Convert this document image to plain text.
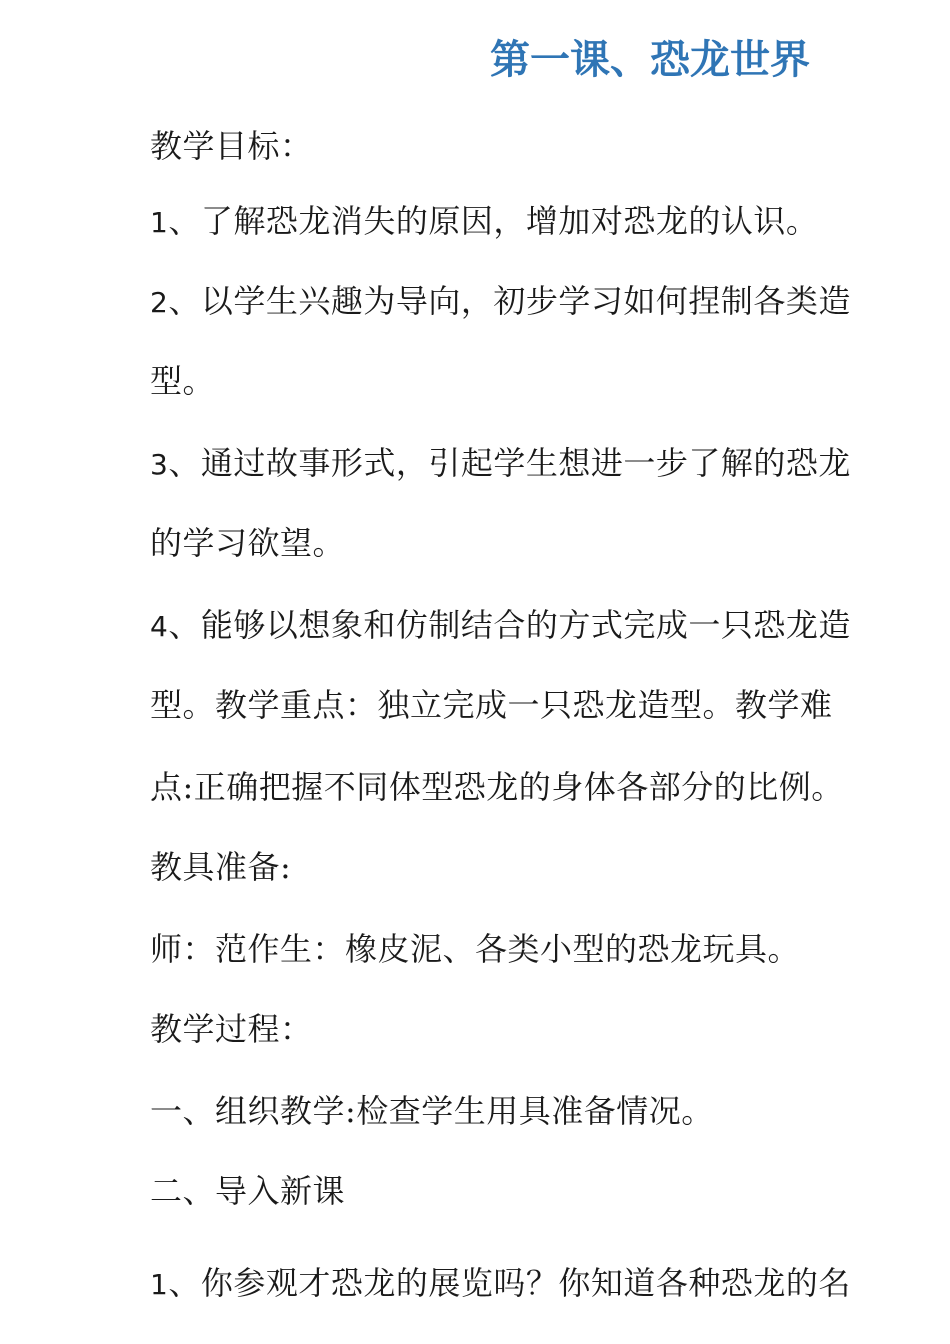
第一课、恐龙世界
教学目标：
1、了解恐龙消失的原因，增加对恐龙的认识。
2、以学生兴趣为导向，初步学习如何捏制各类造
型。
3、通过故事形式，引起学生想进一步了解的恐龙
的学习欲望。
4、能够以想象和仿制结合的方式完成一只恐龙造
型。教学重点：独立完成一只恐龙造型。教学难
点:正确把握不同体型恐龙的身体各部分的比例。
教具准备:
师：范作生：橡皮泥、各类小型的恐龙玩具。
教学过程：
一、组织教学:检查学生用具准备情况。
二、导入新课
1、你参观才恐龙的展览吗？你知道各种恐龙的名
